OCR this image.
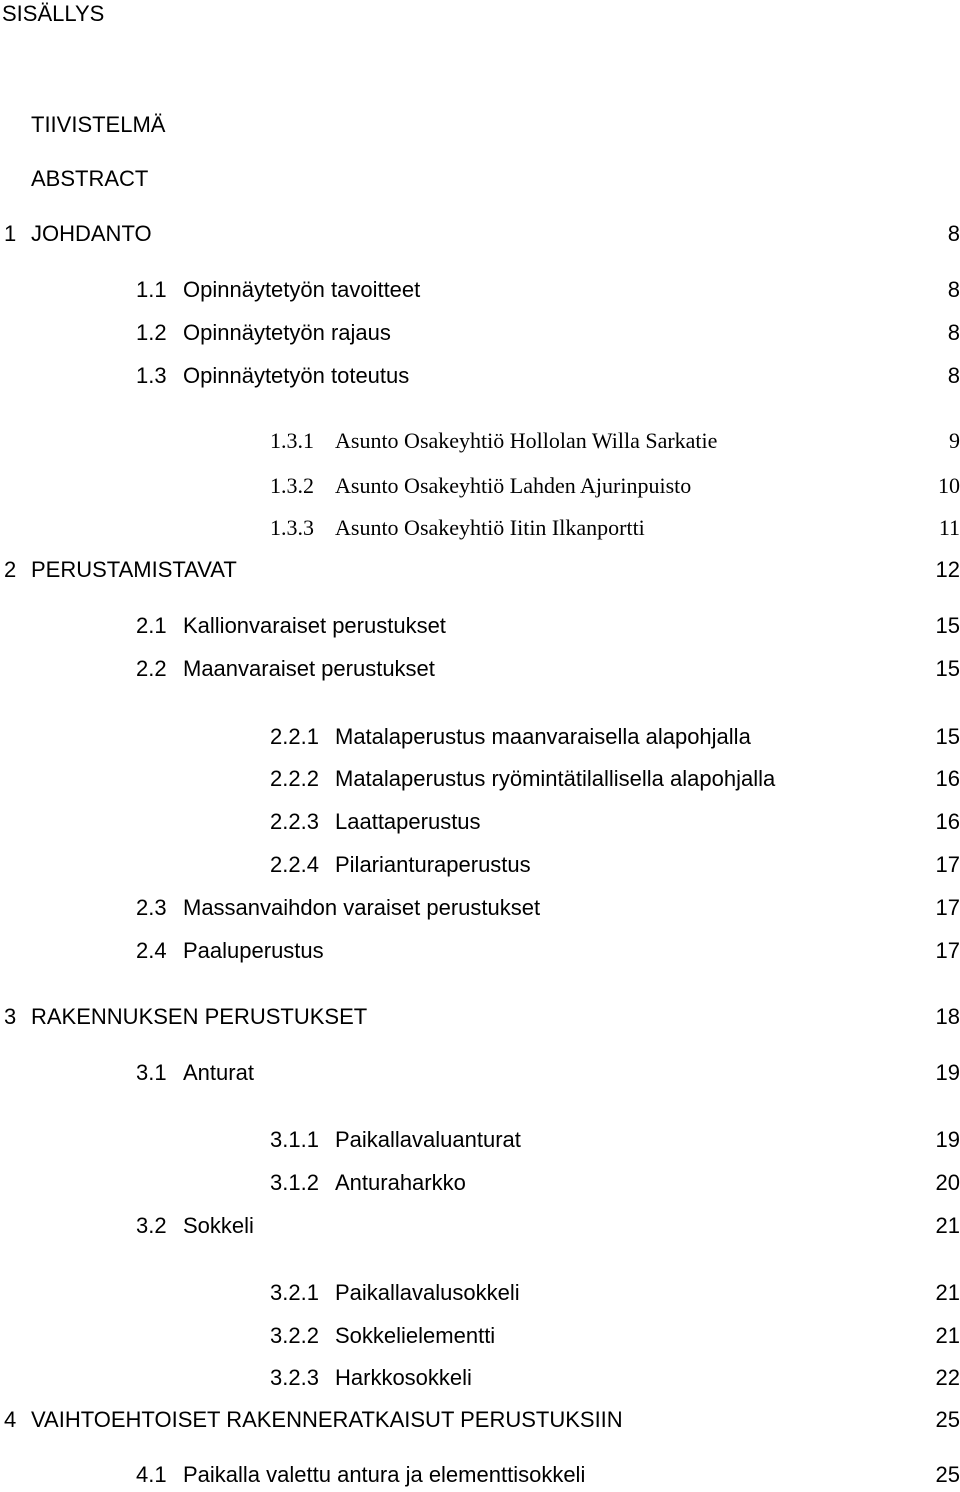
SISÄLLYS
TIIVISTELMÄ
ABSTRACT
1 JOHDANTO	8
1.1 Opinnäytetyön tavoitteet	8
1.2 Opinnäytetyön rajaus	8
1.3 Opinnäytetyön toteutus	8
1.3.1 Asunto Osakeyhtiö Hollolan Willa Sarkatie	9
1.3.2 Asunto Osakeyhtiö Lahden Ajurinpuisto	10
1.3.3 Asunto Osakeyhtiö Iitin Ilkanportti	11
2 PERUSTAMISTAVAT	12
2.1 Kallionvaraiset perustukset	15
2.2 Maanvaraiset perustukset	15
2.2.1 Matalaperustus maanvaraisella alapohjalla	15
2.2.2 Matalaperustus ryömintätilallisella alapohjalla	16
2.2.3 Laattaperustus	16
2.2.4 Pilarianturaperustus	17
2.3 Massanvaihdon varaiset perustukset	17
2.4 Paaluperustus	17
3 RAKENNUKSEN PERUSTUKSET	18
3.1 Anturat	19
3.1.1 Paikallavaluanturat	19
3.1.2 Anturaharkko	20
3.2 Sokkeli	21
3.2.1 Paikallavalusokkeli	21
3.2.2 Sokkelielementti	21
3.2.3 Harkkosokkeli	22
4 VAIHTOEHTOISET RAKENNERATKAISUT PERUSTUKSIIN	25
4.1 Paikalla valettu antura ja elementtisokkeli	25
